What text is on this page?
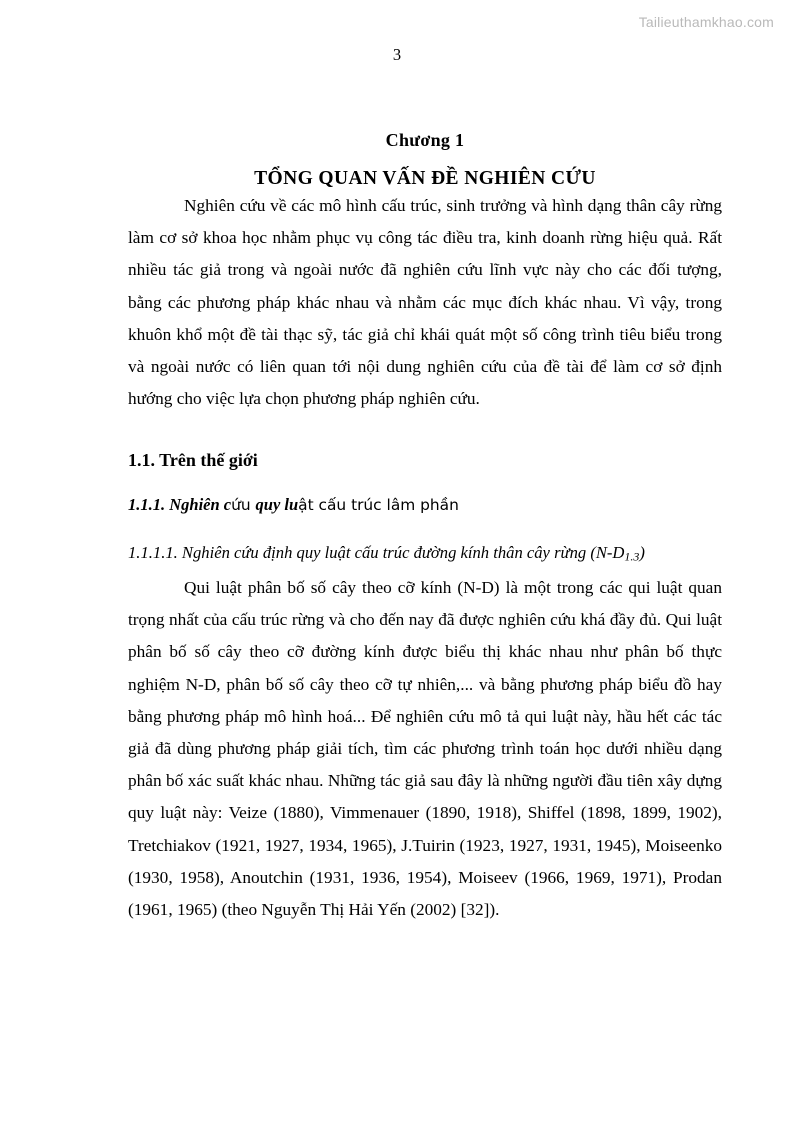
Tailieuthamkhao.com
3
Chương 1
TỔNG QUAN VẤN ĐỀ NGHIÊN CỨU

Nghiên cứu về các mô hình cấu trúc, sinh trưởng và hình dạng thân cây rừng làm cơ sở khoa học nhằm phục vụ công tác điều tra, kinh doanh rừng hiệu quả. Rất nhiều tác giả trong và ngoài nước đã nghiên cứu lĩnh vực này cho các đối tượng, bằng các phương pháp khác nhau và nhằm các mục đích khác nhau. Vì vậy, trong khuôn khổ một đề tài thạc sỹ, tác giả chỉ khái quát một số công trình tiêu biểu trong và ngoài nước có liên quan tới nội dung nghiên cứu của đề tài để làm cơ sở định hướng cho việc lựa chọn phương pháp nghiên cứu.

1.1. Trên thế giới
1.1.1. Nghiên cứu quy luật cấu trúc lâm phần
1.1.1.1. Nghiên cứu định quy luật cấu trúc đường kính thân cây rừng $(N-D_{1.3})$

Qui luật phân bố số cây theo cỡ kính (N-D) là một trong các qui luật quan trọng nhất của cấu trúc rừng và cho đến nay đã được nghiên cứu khá đầy đủ. Qui luật phân bố số cây theo cỡ đường kính được biểu thị khác nhau như phân bố thực nghiệm N-D, phân bố số cây theo cỡ tự nhiên,... và bằng phương pháp biểu đồ hay bằng phương pháp mô hình hoá... Để nghiên cứu mô tả qui luật này, hầu hết các tác giả đã dùng phương pháp giải tích, tìm các phương trình toán học dưới nhiều dạng phân bố xác suất khác nhau. Những tác giả sau đây là những người đầu tiên xây dựng quy luật này: Veize (1880), Vimmenauer (1890, 1918), Shiffel (1898, 1899, 1902), Tretchiakov (1921, 1927, 1934, 1965), J.Tuirin (1923, 1927, 1931, 1945), Moiseenko (1930, 1958), Anoutchin (1931, 1936, 1954), Moiseev (1966, 1969, 1971), Prodan (1961, 1965) (theo Nguyễn Thị Hải Yến (2002) [32]).
